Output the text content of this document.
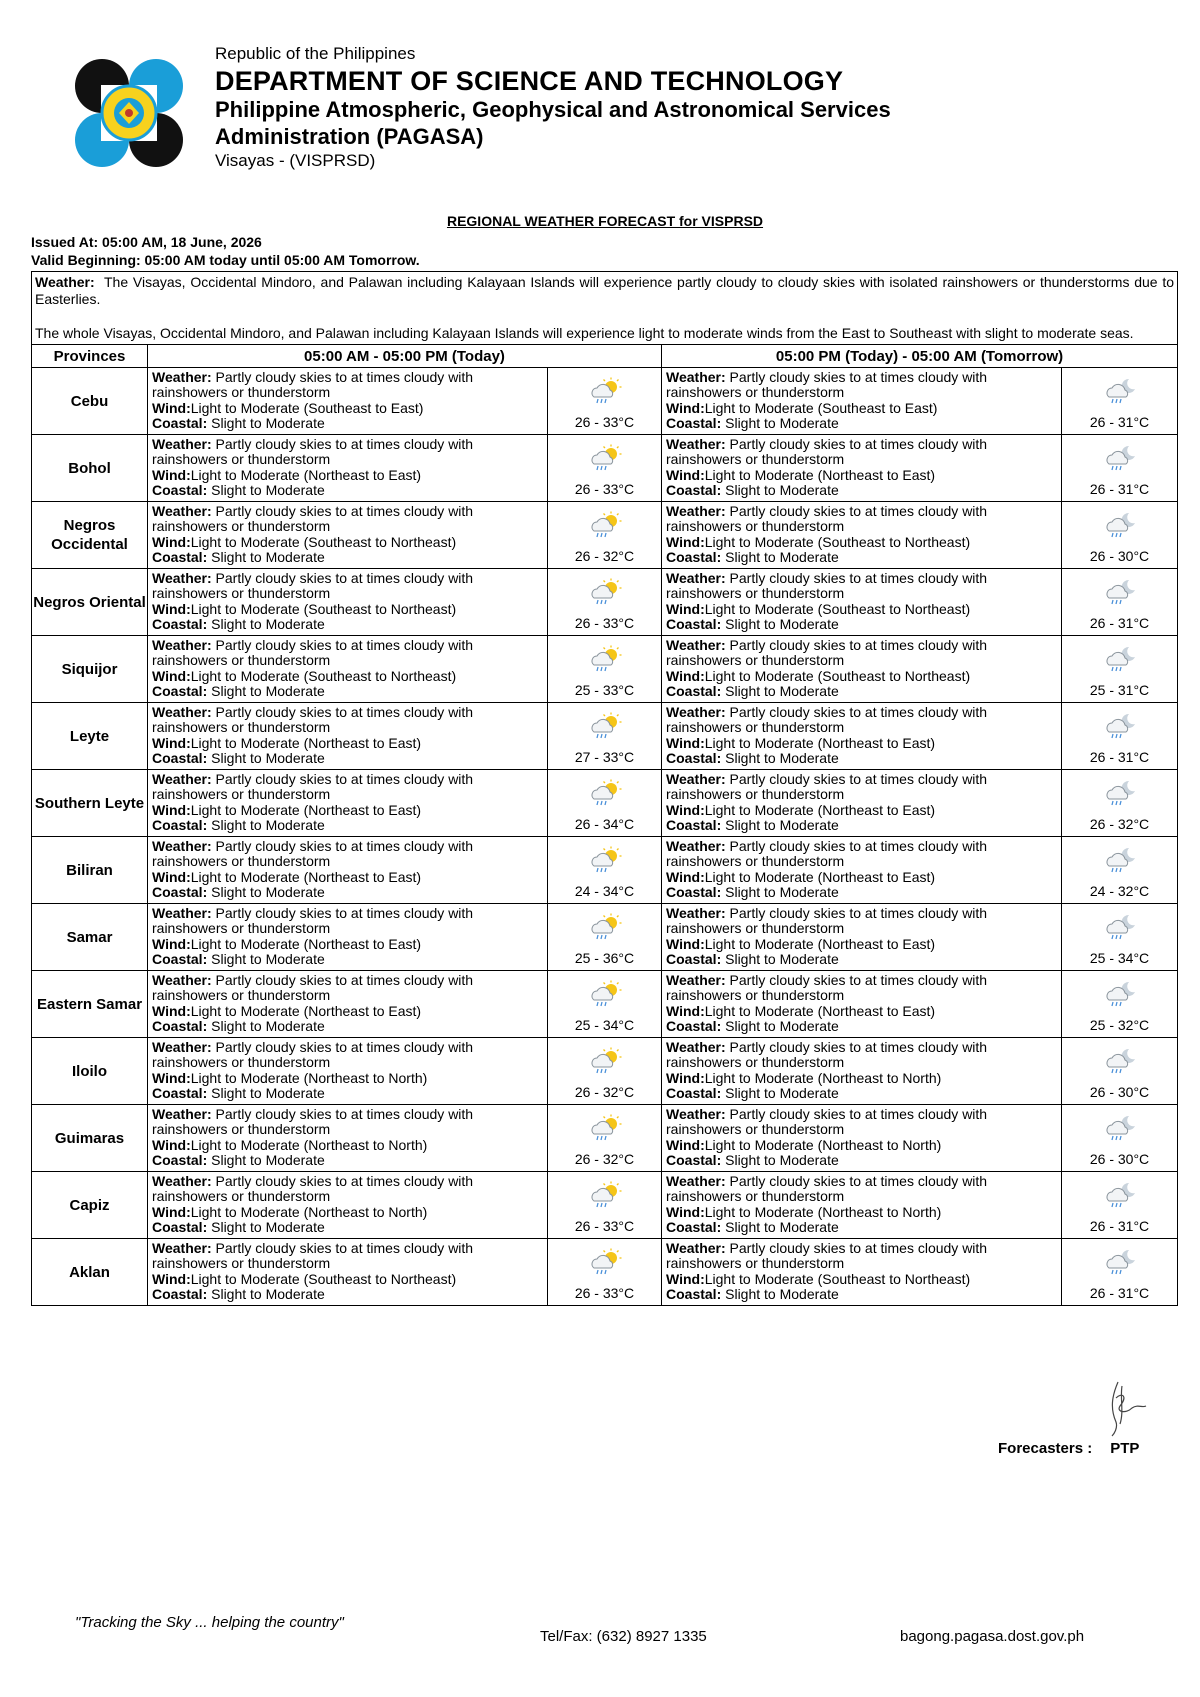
Republic of the Philippines
DEPARTMENT OF SCIENCE AND TECHNOLOGY
Philippine Atmospheric, Geophysical and Astronomical Services
Administration (PAGASA)
Visayas - (VISPRSD)
REGIONAL WEATHER FORECAST for VISPRSD
Issued At: 05:00 AM, 18 June, 2026
Valid Beginning: 05:00 AM today until 05:00 AM Tomorrow.
Weather: The Visayas, Occidental Mindoro, and Palawan including Kalayaan Islands will experience partly cloudy to cloudy skies with isolated rainshowers or thunderstorms due to Easterlies.
The whole Visayas, Occidental Mindoro, and Palawan including Kalayaan Islands will experience light to moderate winds from the East to Southeast with slight to moderate seas.				

Provinces	05:00 AM - 05:00 PM (Today)		05:00 PM (Today) - 05:00 AM (Tomorrow)	
Cebu	Weather: Partly cloudy skies to at times cloudy with rainshowers or thunderstorm
Wind:Light to Moderate (Southeast to East)
Coastal: Slight to Moderate	26 - 33°C	Weather: Partly cloudy skies to at times cloudy with rainshowers or thunderstorm
Wind:Light to Moderate (Southeast to East)
Coastal: Slight to Moderate	26 - 31°C

Bohol	Weather: Partly cloudy skies to at times cloudy with rainshowers or thunderstorm
Wind:Light to Moderate (Northeast to East)
Coastal: Slight to Moderate	26 - 33°C	Weather: Partly cloudy skies to at times cloudy with rainshowers or thunderstorm
Wind:Light to Moderate (Northeast to East)
Coastal: Slight to Moderate	26 - 31°C

Negros Occidental	Weather: Partly cloudy skies to at times cloudy with rainshowers or thunderstorm
Wind:Light to Moderate (Southeast to Northeast)
Coastal: Slight to Moderate	26 - 32°C	Weather: Partly cloudy skies to at times cloudy with rainshowers or thunderstorm
Wind:Light to Moderate (Southeast to Northeast)
Coastal: Slight to Moderate	26 - 30°C

Negros Oriental	Weather: Partly cloudy skies to at times cloudy with rainshowers or thunderstorm
Wind:Light to Moderate (Southeast to Northeast)
Coastal: Slight to Moderate	26 - 33°C	Weather: Partly cloudy skies to at times cloudy with rainshowers or thunderstorm
Wind:Light to Moderate (Southeast to Northeast)
Coastal: Slight to Moderate	26 - 31°C

Siquijor	Weather: Partly cloudy skies to at times cloudy with rainshowers or thunderstorm
Wind:Light to Moderate (Southeast to Northeast)
Coastal: Slight to Moderate	25 - 33°C	Weather: Partly cloudy skies to at times cloudy with rainshowers or thunderstorm
Wind:Light to Moderate (Southeast to Northeast)
Coastal: Slight to Moderate	25 - 31°C

Leyte	Weather: Partly cloudy skies to at times cloudy with rainshowers or thunderstorm
Wind:Light to Moderate (Northeast to East)
Coastal: Slight to Moderate	27 - 33°C	Weather: Partly cloudy skies to at times cloudy with rainshowers or thunderstorm
Wind:Light to Moderate (Northeast to East)
Coastal: Slight to Moderate	26 - 31°C

Southern Leyte	Weather: Partly cloudy skies to at times cloudy with rainshowers or thunderstorm
Wind:Light to Moderate (Northeast to East)
Coastal: Slight to Moderate	26 - 34°C	Weather: Partly cloudy skies to at times cloudy with rainshowers or thunderstorm
Wind:Light to Moderate (Northeast to East)
Coastal: Slight to Moderate	26 - 32°C

Biliran	Weather: Partly cloudy skies to at times cloudy with rainshowers or thunderstorm
Wind:Light to Moderate (Northeast to East)
Coastal: Slight to Moderate	24 - 34°C	Weather: Partly cloudy skies to at times cloudy with rainshowers or thunderstorm
Wind:Light to Moderate (Northeast to East)
Coastal: Slight to Moderate	24 - 32°C

Samar	Weather: Partly cloudy skies to at times cloudy with rainshowers or thunderstorm
Wind:Light to Moderate (Northeast to East)
Coastal: Slight to Moderate	25 - 36°C	Weather: Partly cloudy skies to at times cloudy with rainshowers or thunderstorm
Wind:Light to Moderate (Northeast to East)
Coastal: Slight to Moderate	25 - 34°C

Eastern Samar	Weather: Partly cloudy skies to at times cloudy with rainshowers or thunderstorm
Wind:Light to Moderate (Northeast to East)
Coastal: Slight to Moderate	25 - 34°C	Weather: Partly cloudy skies to at times cloudy with rainshowers or thunderstorm
Wind:Light to Moderate (Northeast to East)
Coastal: Slight to Moderate	25 - 32°C

Iloilo	Weather: Partly cloudy skies to at times cloudy with rainshowers or thunderstorm
Wind:Light to Moderate (Northeast to North)
Coastal: Slight to Moderate	26 - 32°C	Weather: Partly cloudy skies to at times cloudy with rainshowers or thunderstorm
Wind:Light to Moderate (Northeast to North)
Coastal: Slight to Moderate	26 - 30°C

Guimaras	Weather: Partly cloudy skies to at times cloudy with rainshowers or thunderstorm
Wind:Light to Moderate (Northeast to North)
Coastal: Slight to Moderate	26 - 32°C	Weather: Partly cloudy skies to at times cloudy with rainshowers or thunderstorm
Wind:Light to Moderate (Northeast to North)
Coastal: Slight to Moderate	26 - 30°C

Capiz	Weather: Partly cloudy skies to at times cloudy with rainshowers or thunderstorm
Wind:Light to Moderate (Northeast to North)
Coastal: Slight to Moderate	26 - 33°C	Weather: Partly cloudy skies to at times cloudy with rainshowers or thunderstorm
Wind:Light to Moderate (Northeast to North)
Coastal: Slight to Moderate	26 - 31°C

Aklan	Weather: Partly cloudy skies to at times cloudy with rainshowers or thunderstorm
Wind:Light to Moderate (Southeast to Northeast)
Coastal: Slight to Moderate	26 - 33°C	Weather: Partly cloudy skies to at times cloudy with rainshowers or thunderstorm
Wind:Light to Moderate (Southeast to Northeast)
Coastal: Slight to Moderate	26 - 31°C
Forecasters : PTP
"Tracking the Sky ... helping the country"
Tel/Fax: (632) 8927 1335	bagong.pagasa.dost.gov.ph
